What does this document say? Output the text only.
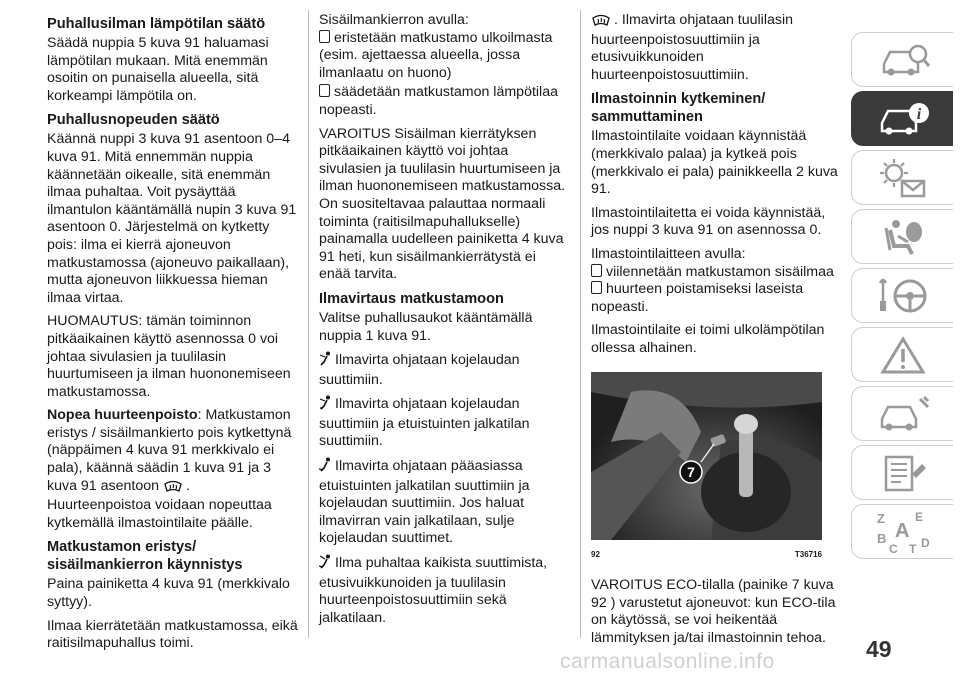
Puhallusilman lämpötilan säätö

Säädä nuppia 5 kuva 91 haluamasi lämpötilan mukaan. Mitä enemmän osoitin on punaisella alueella, sitä korkeampi lämpötila on.

Puhallusnopeuden säätö

Käännä nuppi 3 kuva 91 asentoon 0–4 kuva 91. Mitä ennemmän nuppia käännetään oikealle, sitä enemmän ilmaa puhaltaa. Voit pysäyttää ilmantulon kääntämällä nupin 3 kuva 91 asentoon 0. Järjestelmä on kytketty pois: ilma ei kierrä ajoneuvon matkustamossa (ajoneuvo paikallaan), mutta ajoneuvon liikkuessa hieman ilmaa virtaa.

HUOMAUTUS: tämän toiminnon pitkäaikainen käyttö asennossa 0 voi johtaa sivulasien ja tuulilasin huurtumiseen ja ilman huononemiseen matkustamossa.

Nopea huurteenpoisto: Matkustamon eristys / sisäilmankierto pois kytkettynä (näppäimen 4 kuva 91 merkkivalo ei pala), käännä säädin 1 kuva 91 ja 3 kuva 91 asentoon .
Huurteenpoistoa voidaan nopeuttaa kytkemällä ilmastointilaite päälle.

Matkustamon eristys/ sisäilmankierron käynnistys

Paina painiketta 4 kuva 91 (merkkivalo syttyy).

Ilmaa kierrätetään matkustamossa, eikä raitisilmapuhallus toimi.

Sisäilmankierron avulla:

eristetään matkustamo ulkoilmasta (esim. ajettaessa alueella, jossa ilmanlaatu on huono)

säädetään matkustamon lämpötilaa nopeasti.

VAROITUS Sisäilman kierrätyksen pitkäaikainen käyttö voi johtaa sivulasien ja tuulilasin huurtumiseen ja ilman huononemiseen matkustamossa. On suositeltavaa palauttaa normaali toiminta (raitisilmapuhallukselle) painamalla uudelleen painiketta 4 kuva 91 heti, kun sisäilmankierrätystä ei enää tarvita.

Ilmavirtaus matkustamoon

Valitse puhallusaukot kääntämällä nuppia 1 kuva 91.

Ilmavirta ohjataan kojelaudan suuttimiin.

Ilmavirta ohjataan kojelaudan suuttimiin ja etuistuinten jalkatilan suuttimiin.

Ilmavirta ohjataan pääasiassa etuistuinten jalkatilan suuttimiin ja kojelaudan suuttimiin. Jos haluat ilmavirran vain jalkatilaan, sulje kojelaudan suuttimet.

Ilma puhaltaa kaikista suuttimista, etusivuikkunoiden ja tuulilasin huurteenpoistosuuttimiin sekä jalkatilaan.

. Ilmavirta ohjataan tuulilasin huurteenpoistosuuttimiin ja etusivuikkunoiden huurteenpoistosuuttimiin.

Ilmastoinnin kytkeminen/ sammuttaminen

Ilmastointilaite voidaan käynnistää (merkkivalo palaa) ja kytkeä pois (merkkivalo ei pala) painikkeella 2 kuva 91.

Ilmastointilaitetta ei voida käynnistää, jos nuppi 3 kuva 91 on asennossa 0.

Ilmastointilaitteen avulla:

viilennetään matkustamon sisäilmaa

huurteen poistamiseksi laseista nopeasti.

Ilmastointilaite ei toimi ulkolämpötilan ollessa alhainen.

7
92	T36716

VAROITUS ECO-tilalla (painike 7 kuva 92 ) varustetut ajoneuvot: kun ECO-tila on käytössä, se voi heikentää lämmityksen ja/tai ilmastoinnin tehoa.

i
Z	E
A
B
C T D
49
carmanualsonline.info
